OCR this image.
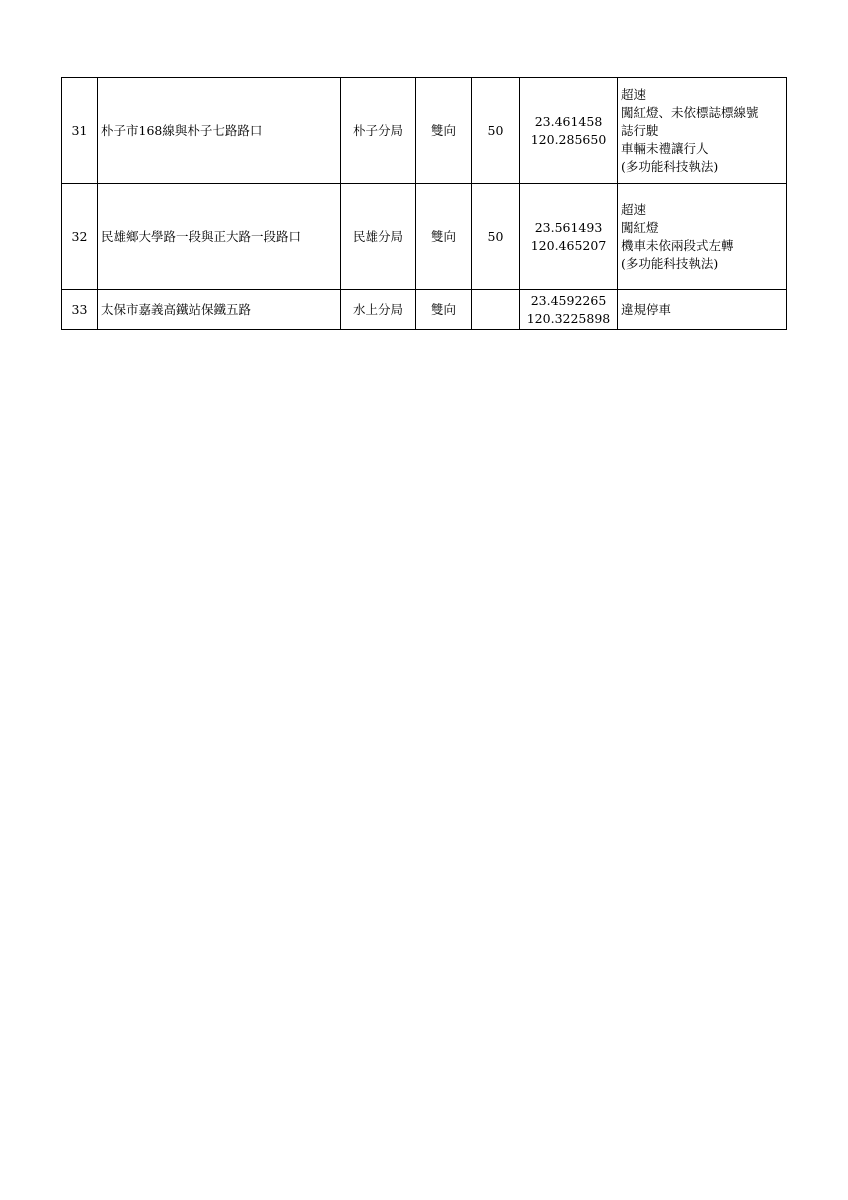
31	朴子市168線與朴子七路路口	朴子分局	雙向	50	23.461458
120.285650	超速
闖紅燈、未依標誌標線號
誌行駛
車輛未禮讓行人
(多功能科技執法)

32	民雄鄉大學路一段與正大路一段路口	民雄分局	雙向	50	23.561493
120.465207	超速
闖紅燈
機車未依兩段式左轉
(多功能科技執法)

33	太保市嘉義高鐵站保鐵五路	水上分局	雙向		23.4592265
120.3225898	違規停車
